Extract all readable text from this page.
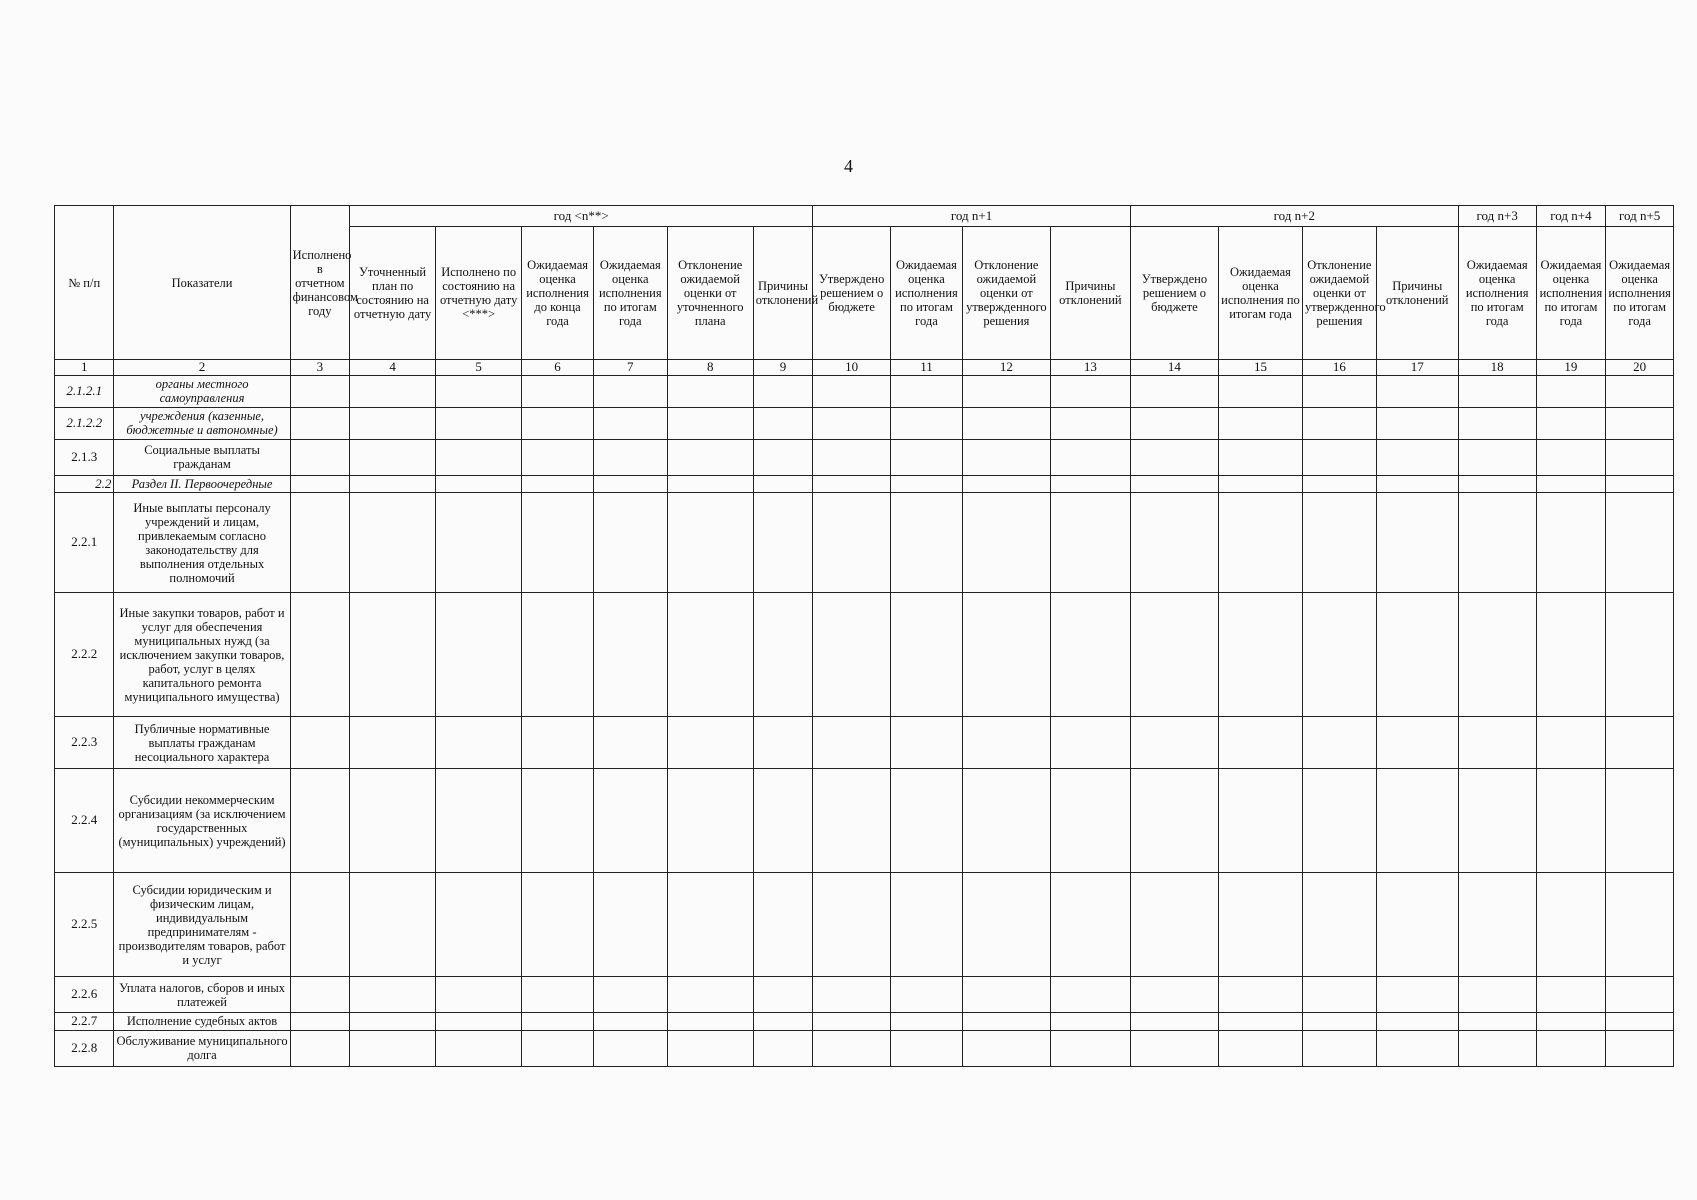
4
№ п/п	Показатели	Исполнено в отчетном финансовом году	год <n**>						год n+1				год n+2				год n+3	год n+4	год n+5
			Уточненный план по состоянию на отчетную дату	Исполнено по состоянию на отчетную дату <***>	Ожидаемая оценка исполнения до конца года	Ожидаемая оценка исполнения по итогам года	Отклонение ожидаемой оценки от уточненного плана	Причины отклонений	Утверждено решением о бюджете	Ожидаемая оценка исполнения по итогам года	Отклонение ожидаемой оценки от утвержденного решения	Причины отклонений	Утверждено решением о бюджете	Ожидаемая оценка исполнения по итогам года	Отклонение ожидаемой оценки от утвержденного решения	Причины отклонений	Ожидаемая оценка исполнения по итогам года	Ожидаемая оценка исполнения по итогам года	Ожидаемая оценка исполнения по итогам года
1	2	3	4	5	6	7	8	9	10	11	12	13	14	15	16	17	18	19	20
2.1.2.1	органы местного самоуправления																		
2.1.2.2	учреждения (казенные, бюджетные и автономные)																		
2.1.3	Социальные выплаты гражданам																		
2.2	Раздел II. Первоочередные																		
2.2.1	Иные выплаты персоналу учреждений и лицам, привлекаемым согласно законодательству для выполнения отдельных полномочий																		
2.2.2	Иные закупки товаров, работ и услуг для обеспечения муниципальных нужд (за исключением закупки товаров, работ, услуг в целях капитального ремонта муниципального имущества)																		
2.2.3	Публичные нормативные выплаты гражданам несоциального характера																		
2.2.4	Субсидии некоммерческим организациям (за исключением государственных (муниципальных) учреждений)																		
2.2.5	Субсидии юридическим и физическим лицам, индивидуальным предпринимателям - производителям товаров, работ и услуг																		
2.2.6	Уплата налогов, сборов и иных платежей																		
2.2.7	Исполнение судебных актов																		
2.2.8	Обслуживание муниципального долга																		
